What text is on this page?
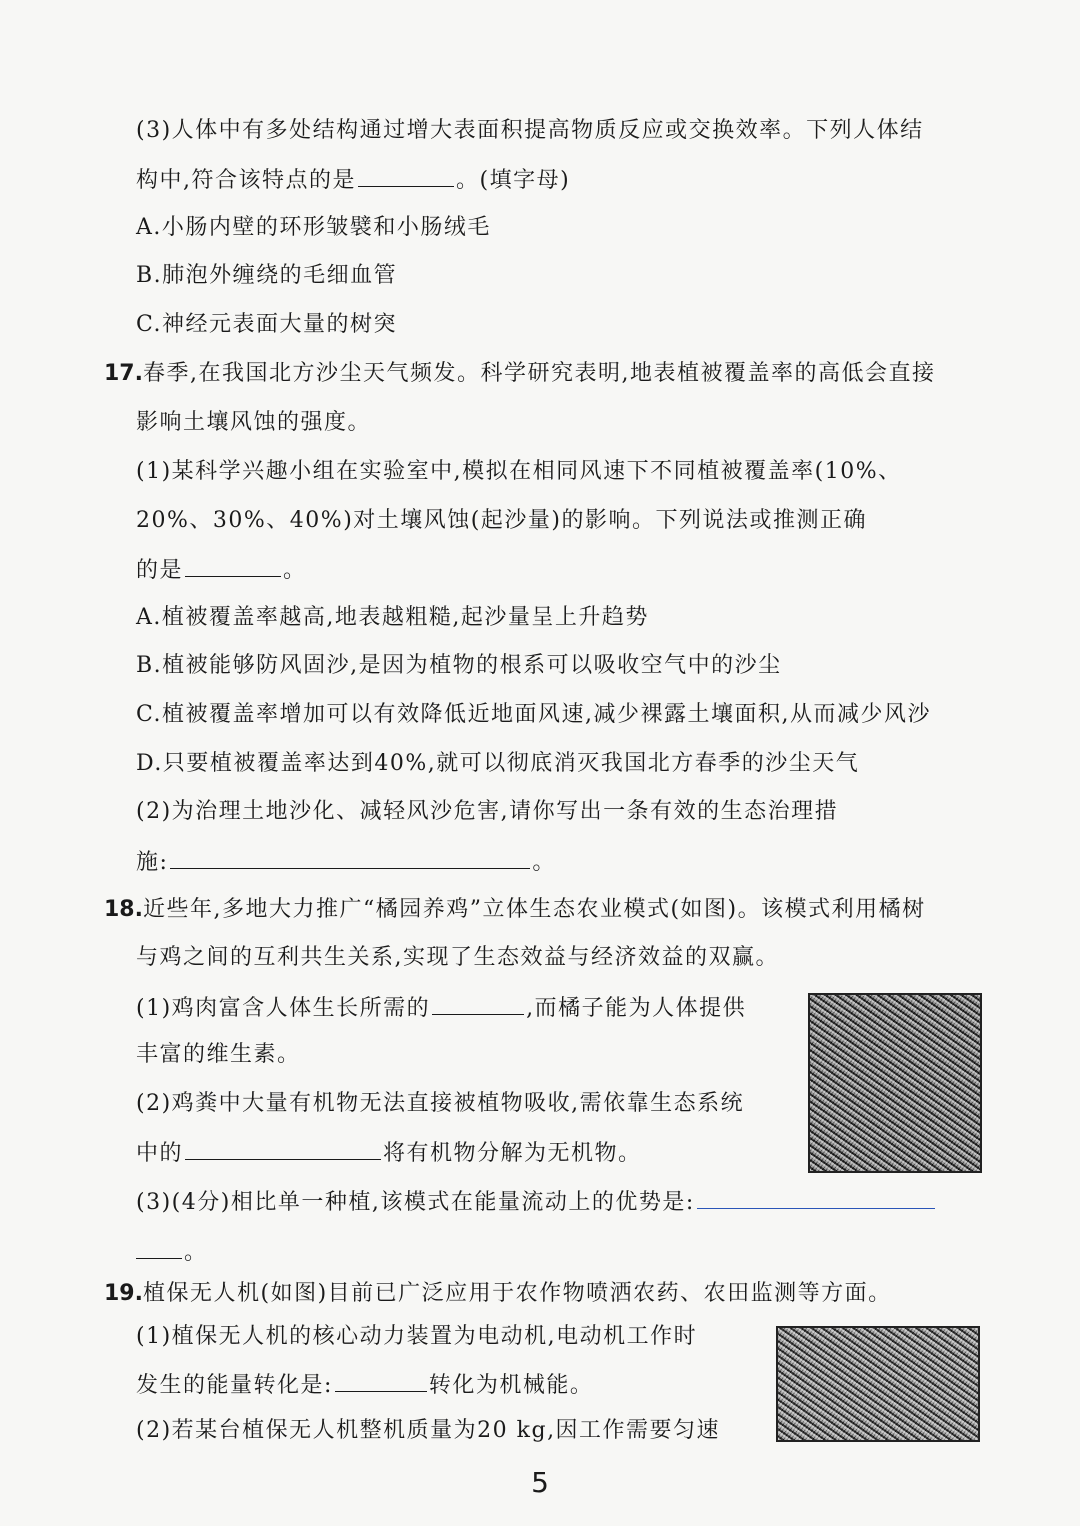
(3)人体中有多处结构通过增大表面积提高物质反应或交换效率。下列人体结
构中,符合该特点的是	。(填字母)
A.小肠内壁的环形皱襞和小肠绒毛
B.肺泡外缠绕的毛细血管
C.神经元表面大量的树突
17.春季,在我国北方沙尘天气频发。科学研究表明,地表植被覆盖率的高低会直接
影响土壤风蚀的强度。
(1)某科学兴趣小组在实验室中,模拟在相同风速下不同植被覆盖率(10%、
20%、30%、40%)对土壤风蚀(起沙量)的影响。下列说法或推测正确
的是	。
A.植被覆盖率越高,地表越粗糙,起沙量呈上升趋势
B.植被能够防风固沙,是因为植物的根系可以吸收空气中的沙尘
C.植被覆盖率增加可以有效降低近地面风速,减少裸露土壤面积,从而减少风沙
D.只要植被覆盖率达到40%,就可以彻底消灭我国北方春季的沙尘天气
(2)为治理土地沙化、减轻风沙危害,请你写出一条有效的生态治理措
施:	。
18.近些年,多地大力推广“橘园养鸡”立体生态农业模式(如图)。该模式利用橘树
与鸡之间的互利共生关系,实现了生态效益与经济效益的双赢。
(1)鸡肉富含人体生长所需的	,而橘子能为人体提供
丰富的维生素。
(2)鸡粪中大量有机物无法直接被植物吸收,需依靠生态系统
中的	将有机物分解为无机物。
(3)(4分)相比单一种植,该模式在能量流动上的优势是:
。
19.植保无人机(如图)目前已广泛应用于农作物喷洒农药、农田监测等方面。
(1)植保无人机的核心动力装置为电动机,电动机工作时
发生的能量转化是:	转化为机械能。
(2)若某台植保无人机整机质量为20 kg,因工作需要匀速
5
